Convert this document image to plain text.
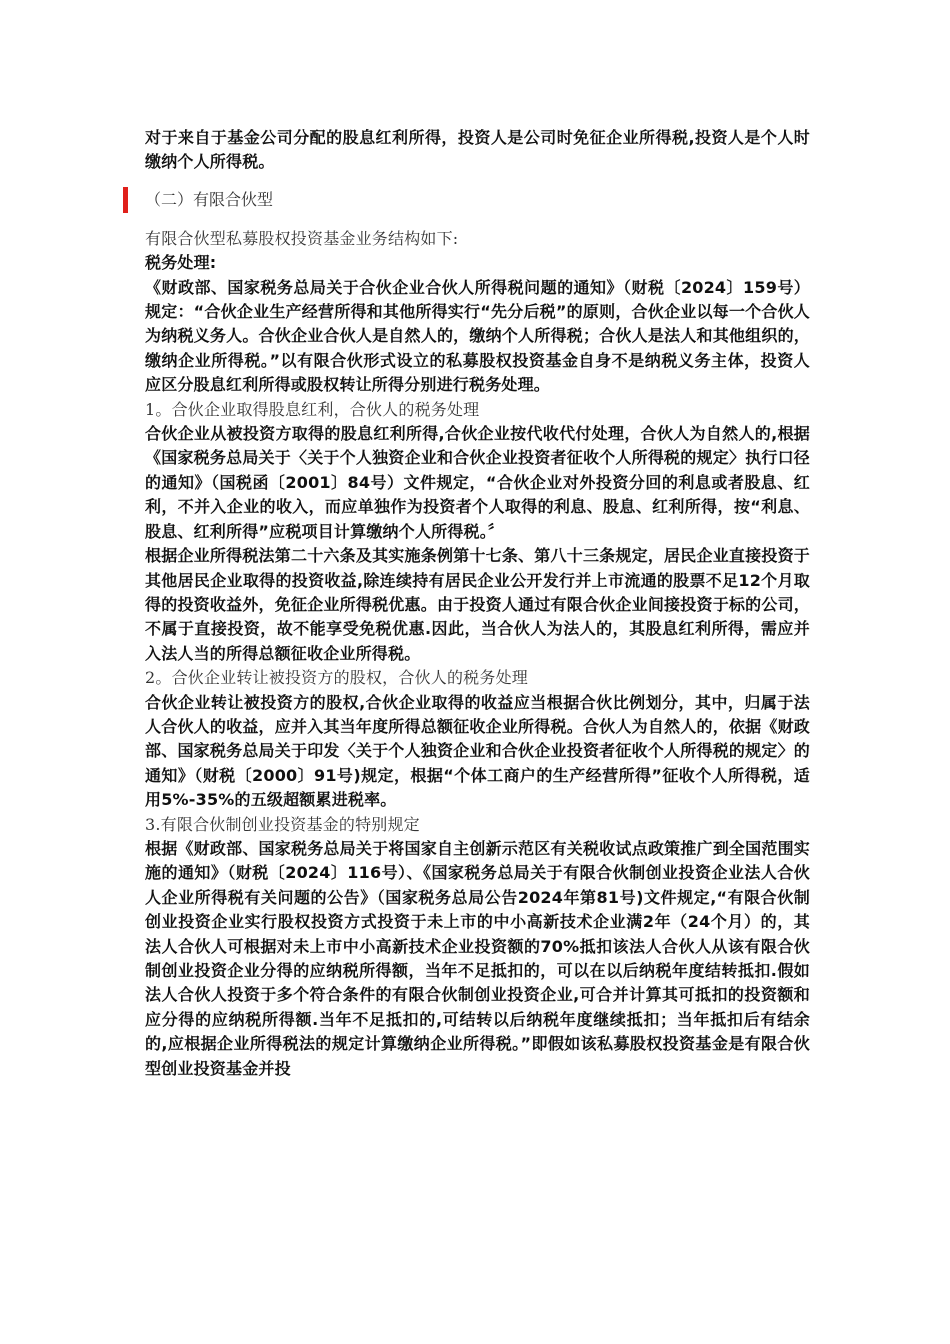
对于来自于基金公司分配的股息红利所得，投资人是公司时免征企业所得税,投资人是个人时缴纳个人所得税。

（二）有限合伙型

有限合伙型私募股权投资基金业务结构如下:

税务处理:

《财政部、国家税务总局关于合伙企业合伙人所得税问题的通知》（财税〔2024〕159号）规定：“合伙企业生产经营所得和其他所得实行“先分后税”的原则，合伙企业以每一个合伙人为纳税义务人。合伙企业合伙人是自然人的，缴纳个人所得税；合伙人是法人和其他组织的，缴纳企业所得税。”以有限合伙形式设立的私募股权投资基金自身不是纳税义务主体，投资人应区分股息红利所得或股权转让所得分别进行税务处理。

1。合伙企业取得股息红利，合伙人的税务处理

合伙企业从被投资方取得的股息红利所得,合伙企业按代收代付处理，合伙人为自然人的,根据《国家税务总局关于〈关于个人独资企业和合伙企业投资者征收个人所得税的规定〉执行口径的通知》（国税函〔2001〕84号）文件规定，“合伙企业对外投资分回的利息或者股息、红利，不并入企业的收入，而应单独作为投资者个人取得的利息、股息、红利所得，按“利息、股息、红利所得”应税项目计算缴纳个人所得税。〞

根据企业所得税法第二十六条及其实施条例第十七条、第八十三条规定，居民企业直接投资于其他居民企业取得的投资收益,除连续持有居民企业公开发行并上市流通的股票不足12个月取得的投资收益外，免征企业所得税优惠。由于投资人通过有限合伙企业间接投资于标的公司，不属于直接投资，故不能享受免税优惠.因此，当合伙人为法人的，其股息红利所得，需应并入法人当的所得总额征收企业所得税。

2。合伙企业转让被投资方的股权，合伙人的税务处理

合伙企业转让被投资方的股权,合伙企业取得的收益应当根据合伙比例划分，其中，归属于法人合伙人的收益，应并入其当年度所得总额征收企业所得税。合伙人为自然人的，依据《财政部、国家税务总局关于印发〈关于个人独资企业和合伙企业投资者征收个人所得税的规定〉的通知》（财税〔2000〕91号)规定，根据“个体工商户的生产经营所得”征收个人所得税，适用5%-35%的五级超额累进税率。

3.有限合伙制创业投资基金的特别规定

根据《财政部、国家税务总局关于将国家自主创新示范区有关税收试点政策推广到全国范围实施的通知》（财税〔2024〕116号）、《国家税务总局关于有限合伙制创业投资企业法人合伙人企业所得税有关问题的公告》（国家税务总局公告2024年第81号)文件规定,“有限合伙制创业投资企业实行股权投资方式投资于未上市的中小高新技术企业满2年（24个月）的，其法人合伙人可根据对未上市中小高新技术企业投资额的70%抵扣该法人合伙人从该有限合伙制创业投资企业分得的应纳税所得额，当年不足抵扣的，可以在以后纳税年度结转抵扣.假如法人合伙人投资于多个符合条件的有限合伙制创业投资企业,可合并计算其可抵扣的投资额和应分得的应纳税所得额.当年不足抵扣的,可结转以后纳税年度继续抵扣；当年抵扣后有结余的,应根据企业所得税法的规定计算缴纳企业所得税。”即假如该私募股权投资基金是有限合伙型创业投资基金并投
